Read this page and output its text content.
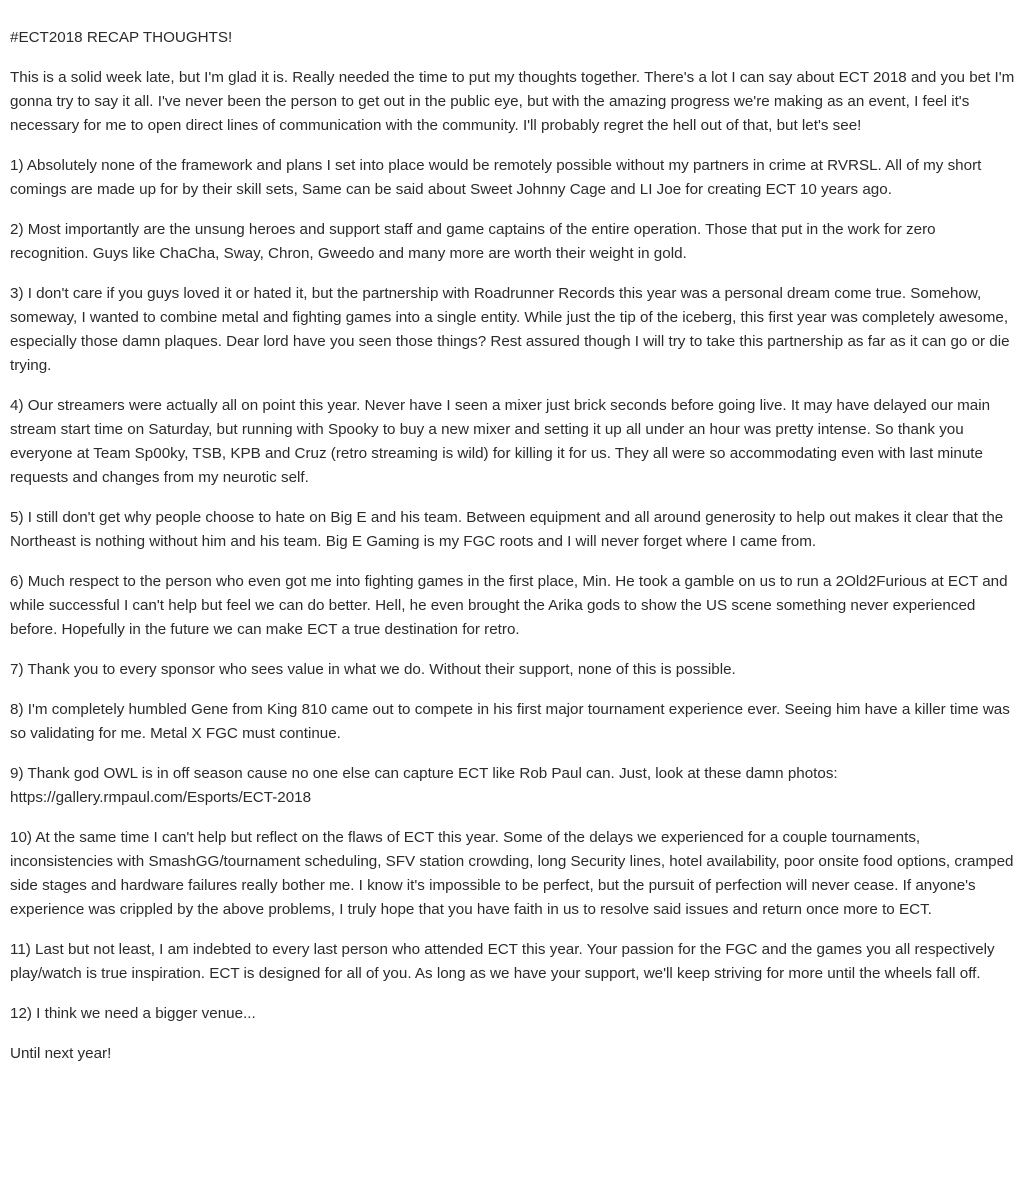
#ECT2018 RECAP THOUGHTS!

This is a solid week late, but I'm glad it is. Really needed the time to put my thoughts together. There's a lot I can say about ECT 2018 and you bet I'm gonna try to say it all. I've never been the person to get out in the public eye, but with the amazing progress we're making as an event, I feel it's necessary for me to open direct lines of communication with the community. I'll probably regret the hell out of that, but let's see!

1) Absolutely none of the framework and plans I set into place would be remotely possible without my partners in crime at RVRSL. All of my short comings are made up for by their skill sets, Same can be said about Sweet Johnny Cage and LI Joe for creating ECT 10 years ago.

2) Most importantly are the unsung heroes and support staff and game captains of the entire operation. Those that put in the work for zero recognition. Guys like ChaCha, Sway, Chron, Gweedo and many more are worth their weight in gold.

3) I don't care if you guys loved it or hated it, but the partnership with Roadrunner Records this year was a personal dream come true. Somehow, someway, I wanted to combine metal and fighting games into a single entity. While just the tip of the iceberg, this first year was completely awesome, especially those damn plaques. Dear lord have you seen those things? Rest assured though I will try to take this partnership as far as it can go or die trying.

4) Our streamers were actually all on point this year. Never have I seen a mixer just brick seconds before going live. It may have delayed our main stream start time on Saturday, but running with Spooky to buy a new mixer and setting it up all under an hour was pretty intense. So thank you everyone at Team Sp00ky, TSB, KPB and Cruz (retro streaming is wild) for killing it for us. They all were so accommodating even with last minute requests and changes from my neurotic self.

5) I still don't get why people choose to hate on Big E and his team. Between equipment and all around generosity to help out makes it clear that the Northeast is nothing without him and his team. Big E Gaming is my FGC roots and I will never forget where I came from.

6) Much respect to the person who even got me into fighting games in the first place, Min. He took a gamble on us to run a 2Old2Furious at ECT and while successful I can't help but feel we can do better. Hell, he even brought the Arika gods to show the US scene something never experienced before. Hopefully in the future we can make ECT a true destination for retro.

7) Thank you to every sponsor who sees value in what we do. Without their support, none of this is possible.

8) I'm completely humbled Gene from King 810 came out to compete in his first major tournament experience ever. Seeing him have a killer time was so validating for me. Metal X FGC must continue.

9) Thank god OWL is in off season cause no one else can capture ECT like Rob Paul can. Just, look at these damn photos: https://gallery.rmpaul.com/Esports/ECT-2018

10) At the same time I can't help but reflect on the flaws of ECT this year. Some of the delays we experienced for a couple tournaments, inconsistencies with SmashGG/tournament scheduling, SFV station crowding, long Security lines, hotel availability, poor onsite food options, cramped side stages and hardware failures really bother me. I know it's impossible to be perfect, but the pursuit of perfection will never cease. If anyone's experience was crippled by the above problems, I truly hope that you have faith in us to resolve said issues and return once more to ECT.

11) Last but not least, I am indebted to every last person who attended ECT this year. Your passion for the FGC and the games you all respectively play/watch is true inspiration. ECT is designed for all of you. As long as we have your support, we'll keep striving for more until the wheels fall off.

12) I think we need a bigger venue...

Until next year!
